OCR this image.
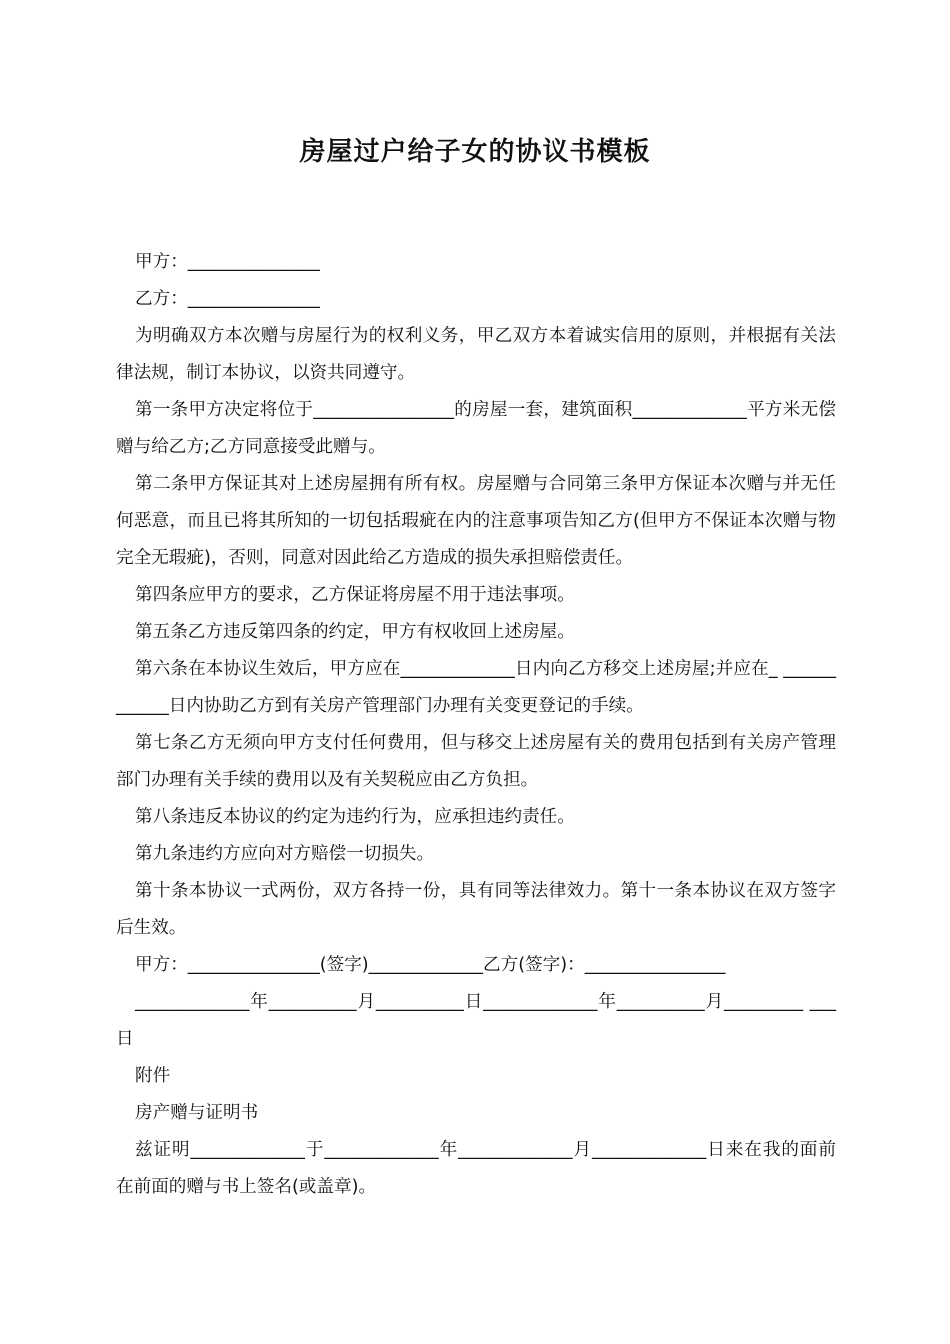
房屋过户给子女的协议书模板

甲方：_______________

乙方：_______________

为明确双方本次赠与房屋行为的权利义务，甲乙双方本着诚实信用的原则，并根据有关法律法规，制订本协议，以资共同遵守。

第一条甲方决定将位于________________的房屋一套，建筑面积_____________平方米无偿赠与给乙方;乙方同意接受此赠与。

第二条甲方保证其对上述房屋拥有所有权。房屋赠与合同第三条甲方保证本次赠与并无任何恶意，而且已将其所知的一切包括瑕疵在内的注意事项告知乙方(但甲方不保证本次赠与物完全无瑕疵)，否则，同意对因此给乙方造成的损失承担赔偿责任。

第四条应甲方的要求，乙方保证将房屋不用于违法事项。

第五条乙方违反第四条的约定，甲方有权收回上述房屋。

第六条在本协议生效后，甲方应在_____________日内向乙方移交上述房屋;并应在_ ____________日内协助乙方到有关房产管理部门办理有关变更登记的手续。

第七条乙方无须向甲方支付任何费用，但与移交上述房屋有关的费用包括到有关房产管理部门办理有关手续的费用以及有关契税应由乙方负担。

第八条违反本协议的约定为违约行为，应承担违约责任。

第九条违约方应向对方赔偿一切损失。

第十条本协议一式两份，双方各持一份，具有同等法律效力。第十一条本协议在双方签字后生效。

甲方：_______________(签字)_____________乙方(签字)：________________

_____________年__________月__________日_____________年__________月_________ ___日

附件

房产赠与证明书

兹证明_____________于_____________年_____________月_____________日来在我的面前在前面的赠与书上签名(或盖章)。
